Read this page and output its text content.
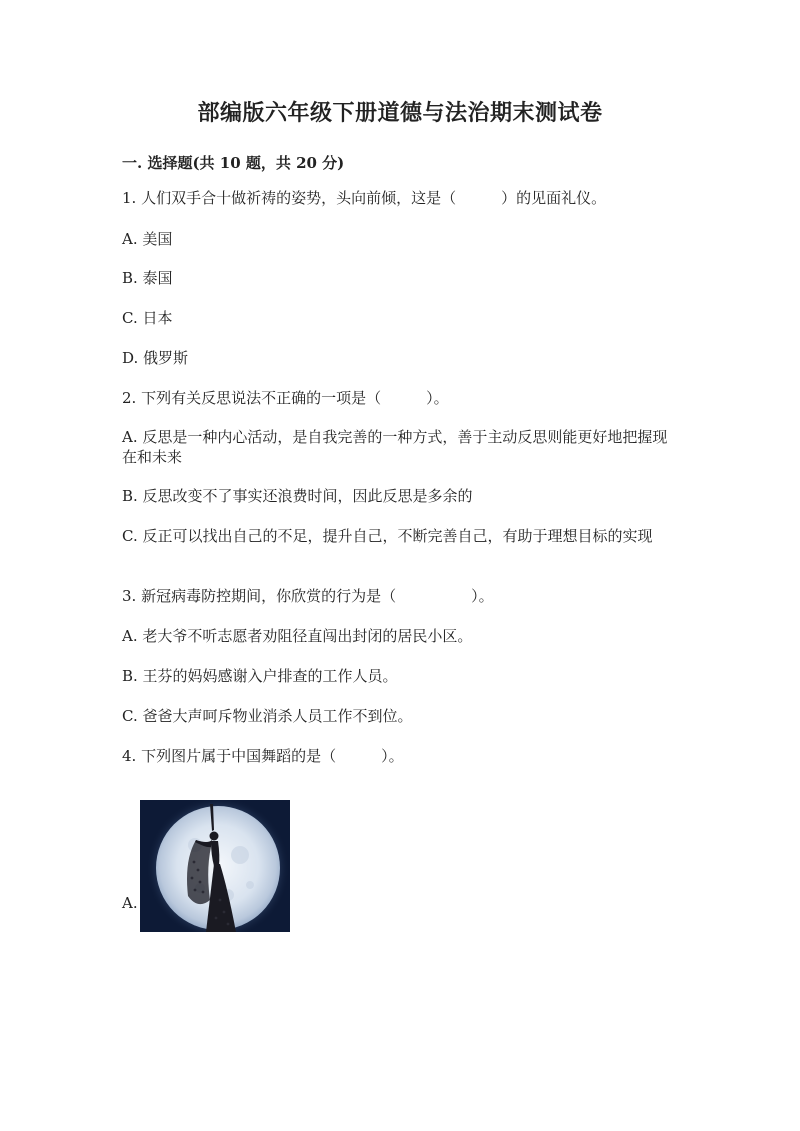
部编版六年级下册道德与法治期末测试卷
一. 选择题(共 10 题，共 20 分)
1. 人们双手合十做祈祷的姿势，头向前倾，这是（　　　）的见面礼仪。
A. 美国
B. 泰国
C. 日本
D. 俄罗斯
2. 下列有关反思说法不正确的一项是（　　　）。
A. 反思是一种内心活动，是自我完善的一种方式，善于主动反思则能更好地把握现在和未来
B. 反思改变不了事实还浪费时间，因此反思是多余的
C. 反正可以找出自己的不足，提升自己，不断完善自己，有助于理想目标的实现
3. 新冠病毒防控期间，你欣赏的行为是（　　　　　）。
A. 老大爷不听志愿者劝阻径直闯出封闭的居民小区。
B. 王芬的妈妈感谢入户排查的工作人员。
C. 爸爸大声呵斥物业消杀人员工作不到位。
4. 下列图片属于中国舞蹈的是（　　　）。
A.
